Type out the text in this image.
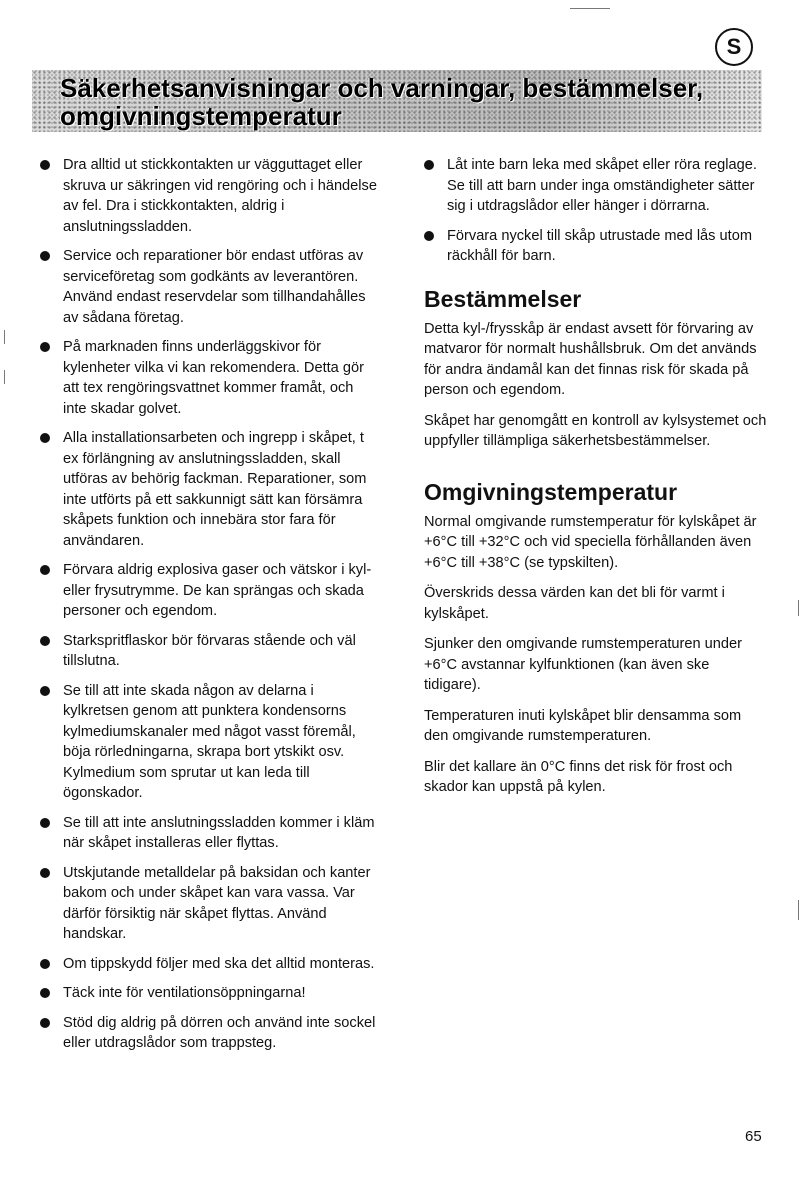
S
Säkerhetsanvisningar och varningar, bestämmelser,
omgivningstemperatur
Dra alltid ut stickkontakten ur vägguttaget eller skruva ur säkringen vid rengöring och i händelse av fel. Dra i stickkontakten, aldrig i anslutningssladden.
Service och reparationer bör endast utföras av serviceföretag som godkänts av leverantören. Använd endast reservdelar som tillhandahålles av sådana företag.
På marknaden finns underläggskivor för kylenheter vilka vi kan rekomendera. Detta gör att tex rengöringsvattnet kommer framåt, och inte skadar golvet.
Alla installationsarbeten och ingrepp i skåpet, t ex förlängning av anslutningssladden, skall utföras av behörig fackman. Reparationer, som inte utförts på ett sakkunnigt sätt kan försämra skåpets funktion och innebära stor fara för användaren.
Förvara aldrig explosiva gaser och vätskor i kyl- eller frysutrymme. De kan sprängas och skada personer och egendom.
Starkspritflaskor bör förvaras stående och väl tillslutna.
Se till att inte skada någon av delarna i kylkretsen genom att punktera kondensorns kylmediumskanaler med något vasst föremål, böja rörledningarna, skrapa bort ytskikt osv. Kylmedium som sprutar ut kan leda till ögonskador.
Se till att inte anslutningssladden kommer i kläm när skåpet installeras eller flyttas.
Utskjutande metalldelar på baksidan och kanter bakom och under skåpet kan vara vassa. Var därför försiktig när skåpet flyttas. Använd handskar.
Om tippskydd följer med ska det alltid monteras.
Täck inte för ventilationsöppningarna!
Stöd dig aldrig på dörren och använd inte sockel eller utdragslådor som trappsteg.
Låt inte barn leka med skåpet eller röra reglage. Se till att barn under inga omständigheter sätter sig i utdragslådor eller hänger i dörrarna.
Förvara nyckel till skåp utrustade med lås utom räckhåll för barn.
Bestämmelser

Detta kyl-/frysskåp är endast avsett för förvaring av matvaror för normalt hushållsbruk. Om det används för andra ändamål kan det finnas risk för skada på person och egendom.

Skåpet har genomgått en kontroll av kylsystemet och uppfyller tillämpliga säkerhetsbestämmelser.

Omgivningstemperatur

Normal omgivande rumstemperatur för kylskåpet är +6°C till +32°C och vid speciella förhållanden även +6°C till +38°C (se typskilten).

Överskrids dessa värden kan det bli för varmt i kylskåpet.

Sjunker den omgivande rumstemperaturen under +6°C avstannar kylfunktionen (kan även ske tidigare).

Temperaturen inuti kylskåpet blir densamma som den omgivande rumstemperaturen.

Blir det kallare än 0°C finns det risk för frost och skador kan uppstå på kylen.

65
